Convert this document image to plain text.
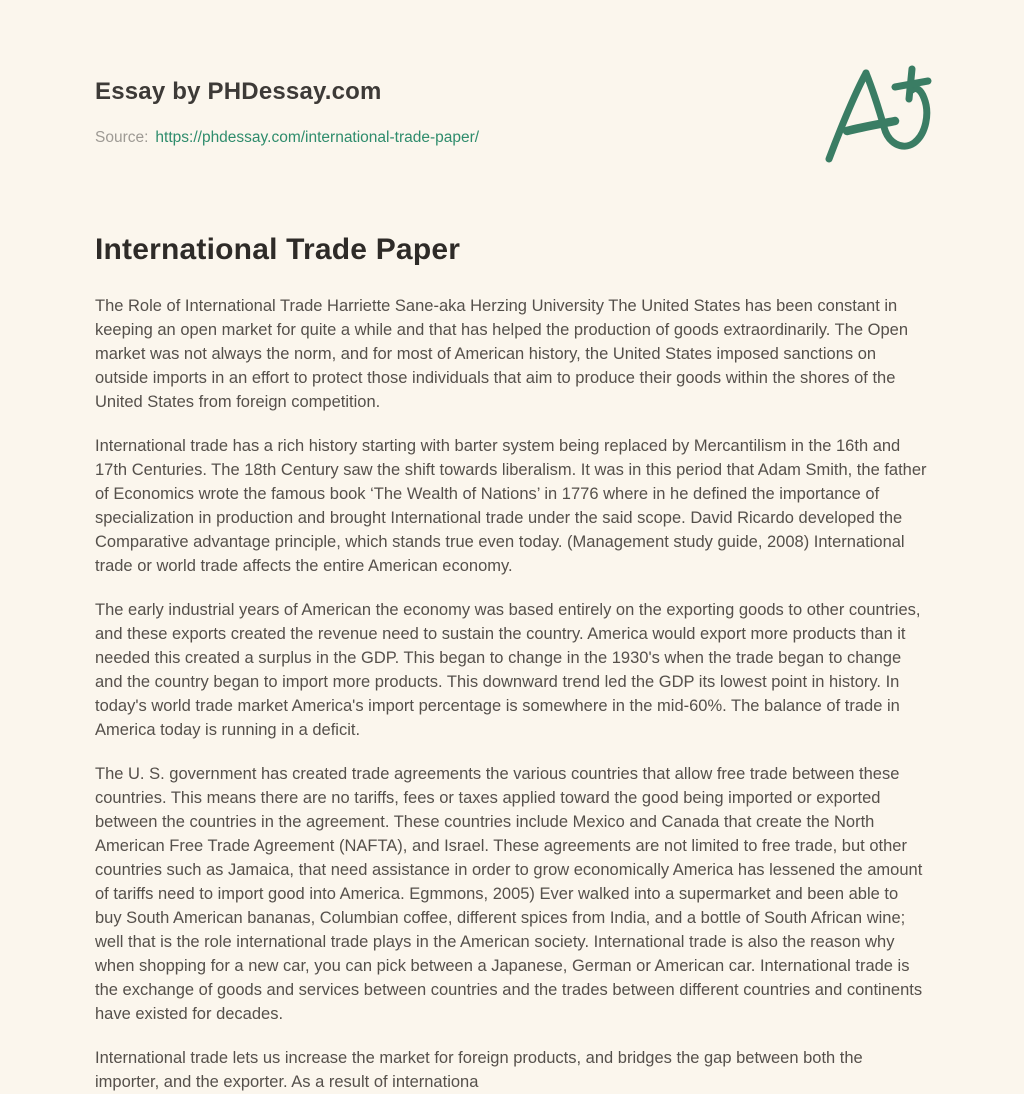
Essay by PHDessay.com
Source: https://phdessay.com/international-trade-paper/
International Trade Paper

The Role of International Trade Harriette Sane-aka Herzing University The United States has been constant in keeping an open market for quite a while and that has helped the production of goods extraordinarily. The Open market was not always the norm, and for most of American history, the United States imposed sanctions on outside imports in an effort to protect those individuals that aim to produce their goods within the shores of the United States from foreign competition.

International trade has a rich history starting with barter system being replaced by Mercantilism in the 16th and 17th Centuries. The 18th Century saw the shift towards liberalism. It was in this period that Adam Smith, the father of Economics wrote the famous book ‘The Wealth of Nations’ in 1776 where in he defined the importance of specialization in production and brought International trade under the said scope. David Ricardo developed the Comparative advantage principle, which stands true even today. (Management study guide, 2008) International trade or world trade affects the entire American economy.

The early industrial years of American the economy was based entirely on the exporting goods to other countries, and these exports created the revenue need to sustain the country. America would export more products than it needed this created a surplus in the GDP. This began to change in the 1930's when the trade began to change and the country began to import more products. This downward trend led the GDP its lowest point in history. In today's world trade market America's import percentage is somewhere in the mid-60%. The balance of trade in America today is running in a deficit.

The U. S. government has created trade agreements the various countries that allow free trade between these countries. This means there are no tariffs, fees or taxes applied toward the good being imported or exported between the countries in the agreement. These countries include Mexico and Canada that create the North American Free Trade Agreement (NAFTA), and Israel. These agreements are not limited to free trade, but other countries such as Jamaica, that need assistance in order to grow economically America has lessened the amount of tariffs need to import good into America. Egmmons, 2005) Ever walked into a supermarket and been able to buy South American bananas, Columbian coffee, different spices from India, and a bottle of South African wine; well that is the role international trade plays in the American society. International trade is also the reason why when shopping for a new car, you can pick between a Japanese, German or American car. International trade is the exchange of goods and services between countries and the trades between different countries and continents have existed for decades.

International trade lets us increase the market for foreign products, and bridges the gap between both the importer, and the exporter. As a result of internationa
